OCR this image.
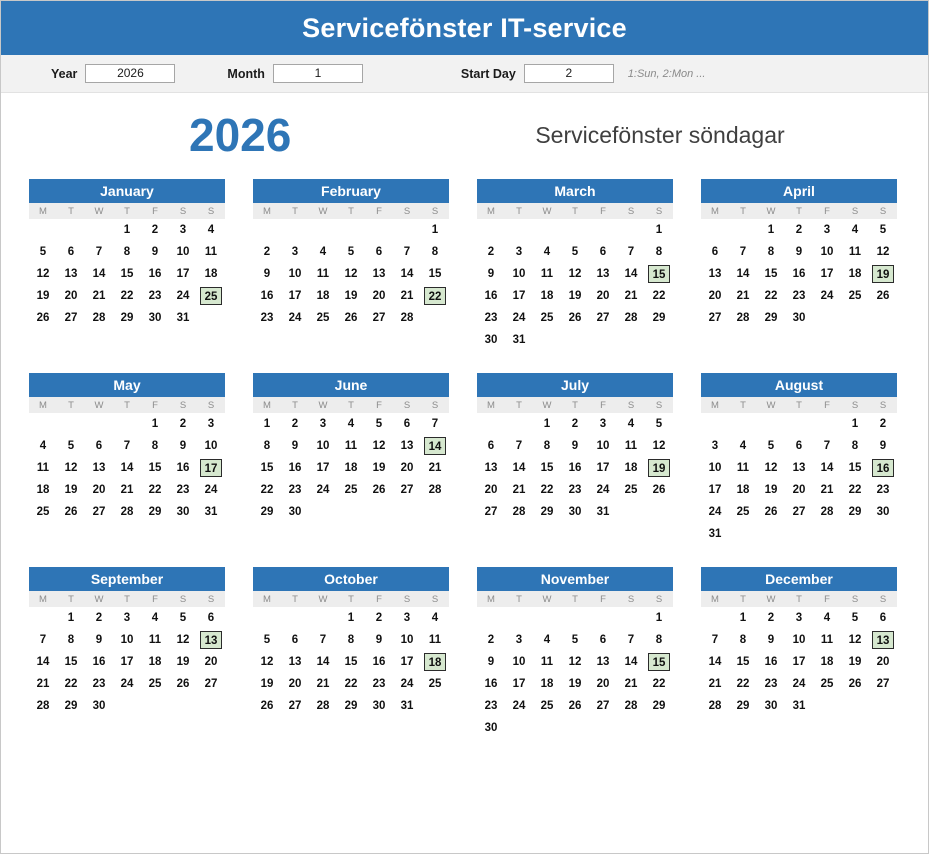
Servicefönster IT-service
Year
2026	Month
1	Start Day
2	1:Sun, 2:Mon ...
2026	Servicefönster söndagar
January
M	T	W	T	F	S	S
			1	2	3	4
5	6	7	8	9	10	11
12	13	14	15	16	17	18
19	20	21	22	23	24	25
26	27	28	29	30	31	

February
M	T	W	T	F	S	S
						1
2	3	4	5	6	7	8
9	10	11	12	13	14	15
16	17	18	19	20	21	22
23	24	25	26	27	28	

March
M	T	W	T	F	S	S
						1
2	3	4	5	6	7	8
9	10	11	12	13	14	15
16	17	18	19	20	21	22
23	24	25	26	27	28	29
30	31					
April
M	T	W	T	F	S	S
		1	2	3	4	5
6	7	8	9	10	11	12
13	14	15	16	17	18	19
20	21	22	23	24	25	26
27	28	29	30			

May
M	T	W	T	F	S	S
				1	2	3
4	5	6	7	8	9	10
11	12	13	14	15	16	17
18	19	20	21	22	23	24
25	26	27	28	29	30	31

June
M	T	W	T	F	S	S
1	2	3	4	5	6	7
8	9	10	11	12	13	14
15	16	17	18	19	20	21
22	23	24	25	26	27	28
29	30					

July
M	T	W	T	F	S	S
		1	2	3	4	5
6	7	8	9	10	11	12
13	14	15	16	17	18	19
20	21	22	23	24	25	26
27	28	29	30	31		

August
M	T	W	T	F	S	S
					1	2
3	4	5	6	7	8	9
10	11	12	13	14	15	16
17	18	19	20	21	22	23
24	25	26	27	28	29	30
31						
September
M	T	W	T	F	S	S
	1	2	3	4	5	6
7	8	9	10	11	12	13
14	15	16	17	18	19	20
21	22	23	24	25	26	27
28	29	30				

October
M	T	W	T	F	S	S
			1	2	3	4
5	6	7	8	9	10	11
12	13	14	15	16	17	18
19	20	21	22	23	24	25
26	27	28	29	30	31	

November
M	T	W	T	F	S	S
						1
2	3	4	5	6	7	8
9	10	11	12	13	14	15
16	17	18	19	20	21	22
23	24	25	26	27	28	29
30						
December
M	T	W	T	F	S	S
	1	2	3	4	5	6
7	8	9	10	11	12	13
14	15	16	17	18	19	20
21	22	23	24	25	26	27
28	29	30	31			
